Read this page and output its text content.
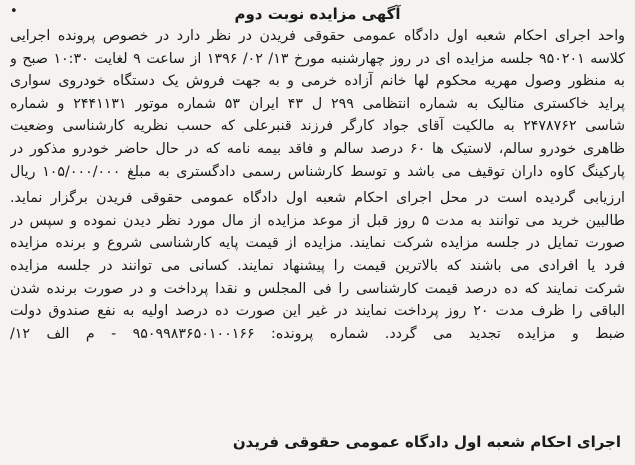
•	آگهی مزایده نوبت دوم
واحد اجرای احکام شعبه اول دادگاه عمومی حقوقی فریدن در نظر دارد در خصوص پرونده اجرایی
کلاسه ۹۵۰۲۰۱ جلسه مزایده ای در روز چهارشنبه مورخ ۱۳/ ۰۲/ ۱۳۹۶ از ساعت ۹ لغایت ۱۰:۳۰ صبح و
به منظور وصول مهریه محکوم لها خانم آزاده خرمی و به جهت فروش یک دستگاه خودروی سواری
پراید خاکستری متالیک به شماره انتظامی ۲۹۹ ل ۴۳ ایران ۵۳ شماره موتور ۲۴۴۱۱۳۱ و شماره
شاسی ۲۴۷۸۷۶۲ به مالکیت آقای جواد کارگر فرزند قنبرعلی که حسب نظریه کارشناسی وضعیت
ظاهری خودرو سالم، لاستیک ها ۶۰ درصد سالم و فاقد بیمه نامه که در حال حاضر خودرو مذکور در
پارکینگ کاوه داران توقیف می باشد و توسط کارشناس رسمی دادگستری به مبلغ ۱۰۵/۰۰۰/۰۰۰ ریال
ارزیابی گردیده است در محل اجرای احکام شعبه اول دادگاه عمومی حقوقی فریدن برگزار نماید.
طالبین خرید می توانند به مدت ۵ روز قبل از موعد مزایده از مال مورد نظر دیدن نموده و سپس در
صورت تمایل در جلسه مزایده شرکت نمایند. مزایده از قیمت پایه کارشناسی شروع و برنده مزایده
فرد یا افرادی می باشند که بالاترین قیمت را پیشنهاد نمایند. کسانی می توانند در جلسه مزایده
شرکت نمایند که ده درصد قیمت کارشناسی را فی المجلس و نقدا پرداخت و در صورت برنده شدن
الباقی را ظرف مدت ۲۰ روز پرداخت نمایند در غیر این صورت ده درصد اولیه به نفع صندوق دولت
ضبط و مزایده تجدید می گردد. شماره پرونده: ۹۵۰۹۹۸۳۶۵۰۱۰۰۱۶۶ - م الف ۱۲/
اجرای احکام شعبه اول دادگاه عمومی حقوقی فریدن
